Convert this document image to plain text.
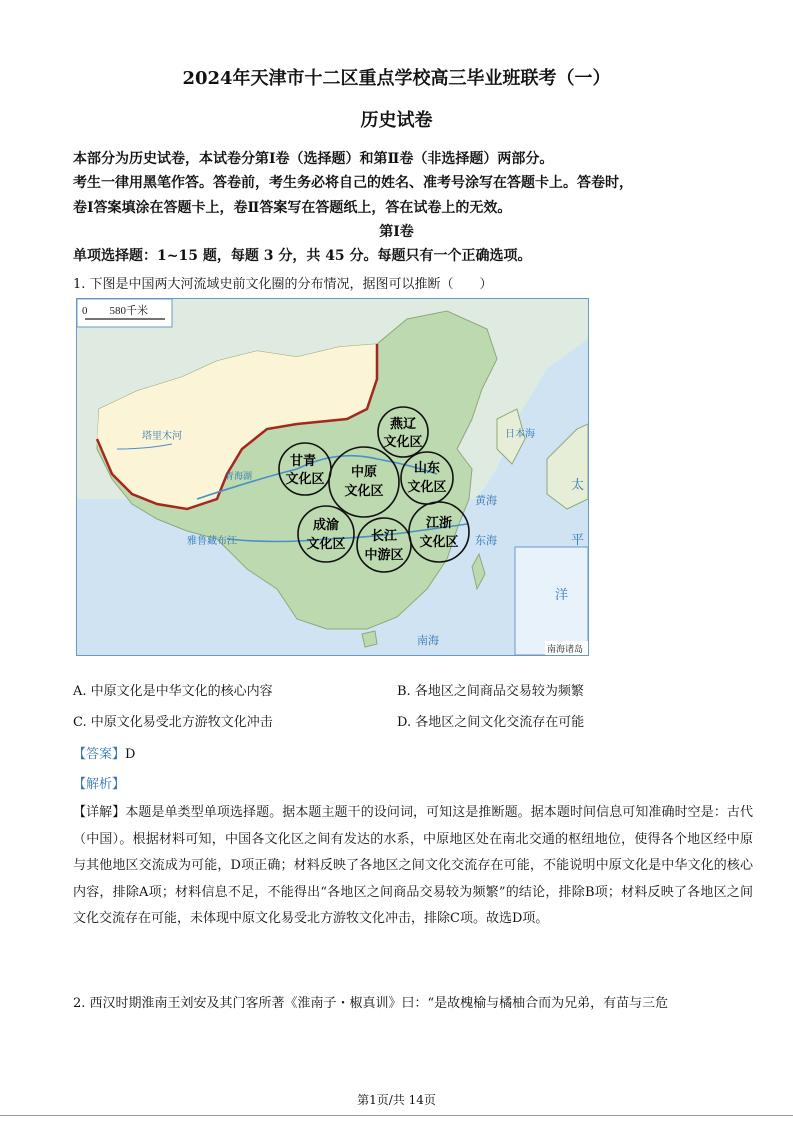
2024年天津市十二区重点学校高三毕业班联考（一）
历史试卷
本部分为历史试卷，本试卷分第Ⅰ卷（选择题）和第Ⅱ卷（非选择题）两部分。
考生一律用黑笔作答。答卷前，考生务必将自己的姓名、准考号涂写在答题卡上。答卷时，
卷Ⅰ答案填涂在答题卡上，卷Ⅱ答案写在答题纸上，答在试卷上的无效。
第Ⅰ卷
单项选择题：1~15 题，每题 3 分，共 45 分。每题只有一个正确选项。
1. 下图是中国两大河流域史前文化圈的分布情况，据图可以推断（　　）
0　　580千米
塔里木河
青海湖
雅鲁藏布江
日本海
黄海
东海
南海
太
平
洋
南海诸岛
燕辽
文化区
甘青
文化区 中原
文化区
山东
文化区
成渝
文化区
长江
中游区
江浙
文化区
A. 中原文化是中华文化的核心内容	B. 各地区之间商品交易较为频繁
C. 中原文化易受北方游牧文化冲击	D. 各地区之间文化交流存在可能
【答案】D
【解析】
【详解】本题是单类型单项选择题。据本题主题干的设问词，可知这是推断题。据本题时间信息可知准确时空是：古代（中国）。根据材料可知，中国各文化区之间有发达的水系，中原地区处在南北交通的枢纽地位，使得各个地区经中原与其他地区交流成为可能，D项正确；材料反映了各地区之间文化交流存在可能，不能说明中原文化是中华文化的核心内容，排除A项；材料信息不足，不能得出“各地区之间商品交易较为频繁”的结论，排除B项；材料反映了各地区之间文化交流存在可能，未体现中原文化易受北方游牧文化冲击，排除C项。故选D项。
2. 西汉时期淮南王刘安及其门客所著《淮南子・椒真训》曰：“是故槐榆与橘柚合而为兄弟，有苗与三危
第1页/共 14页
